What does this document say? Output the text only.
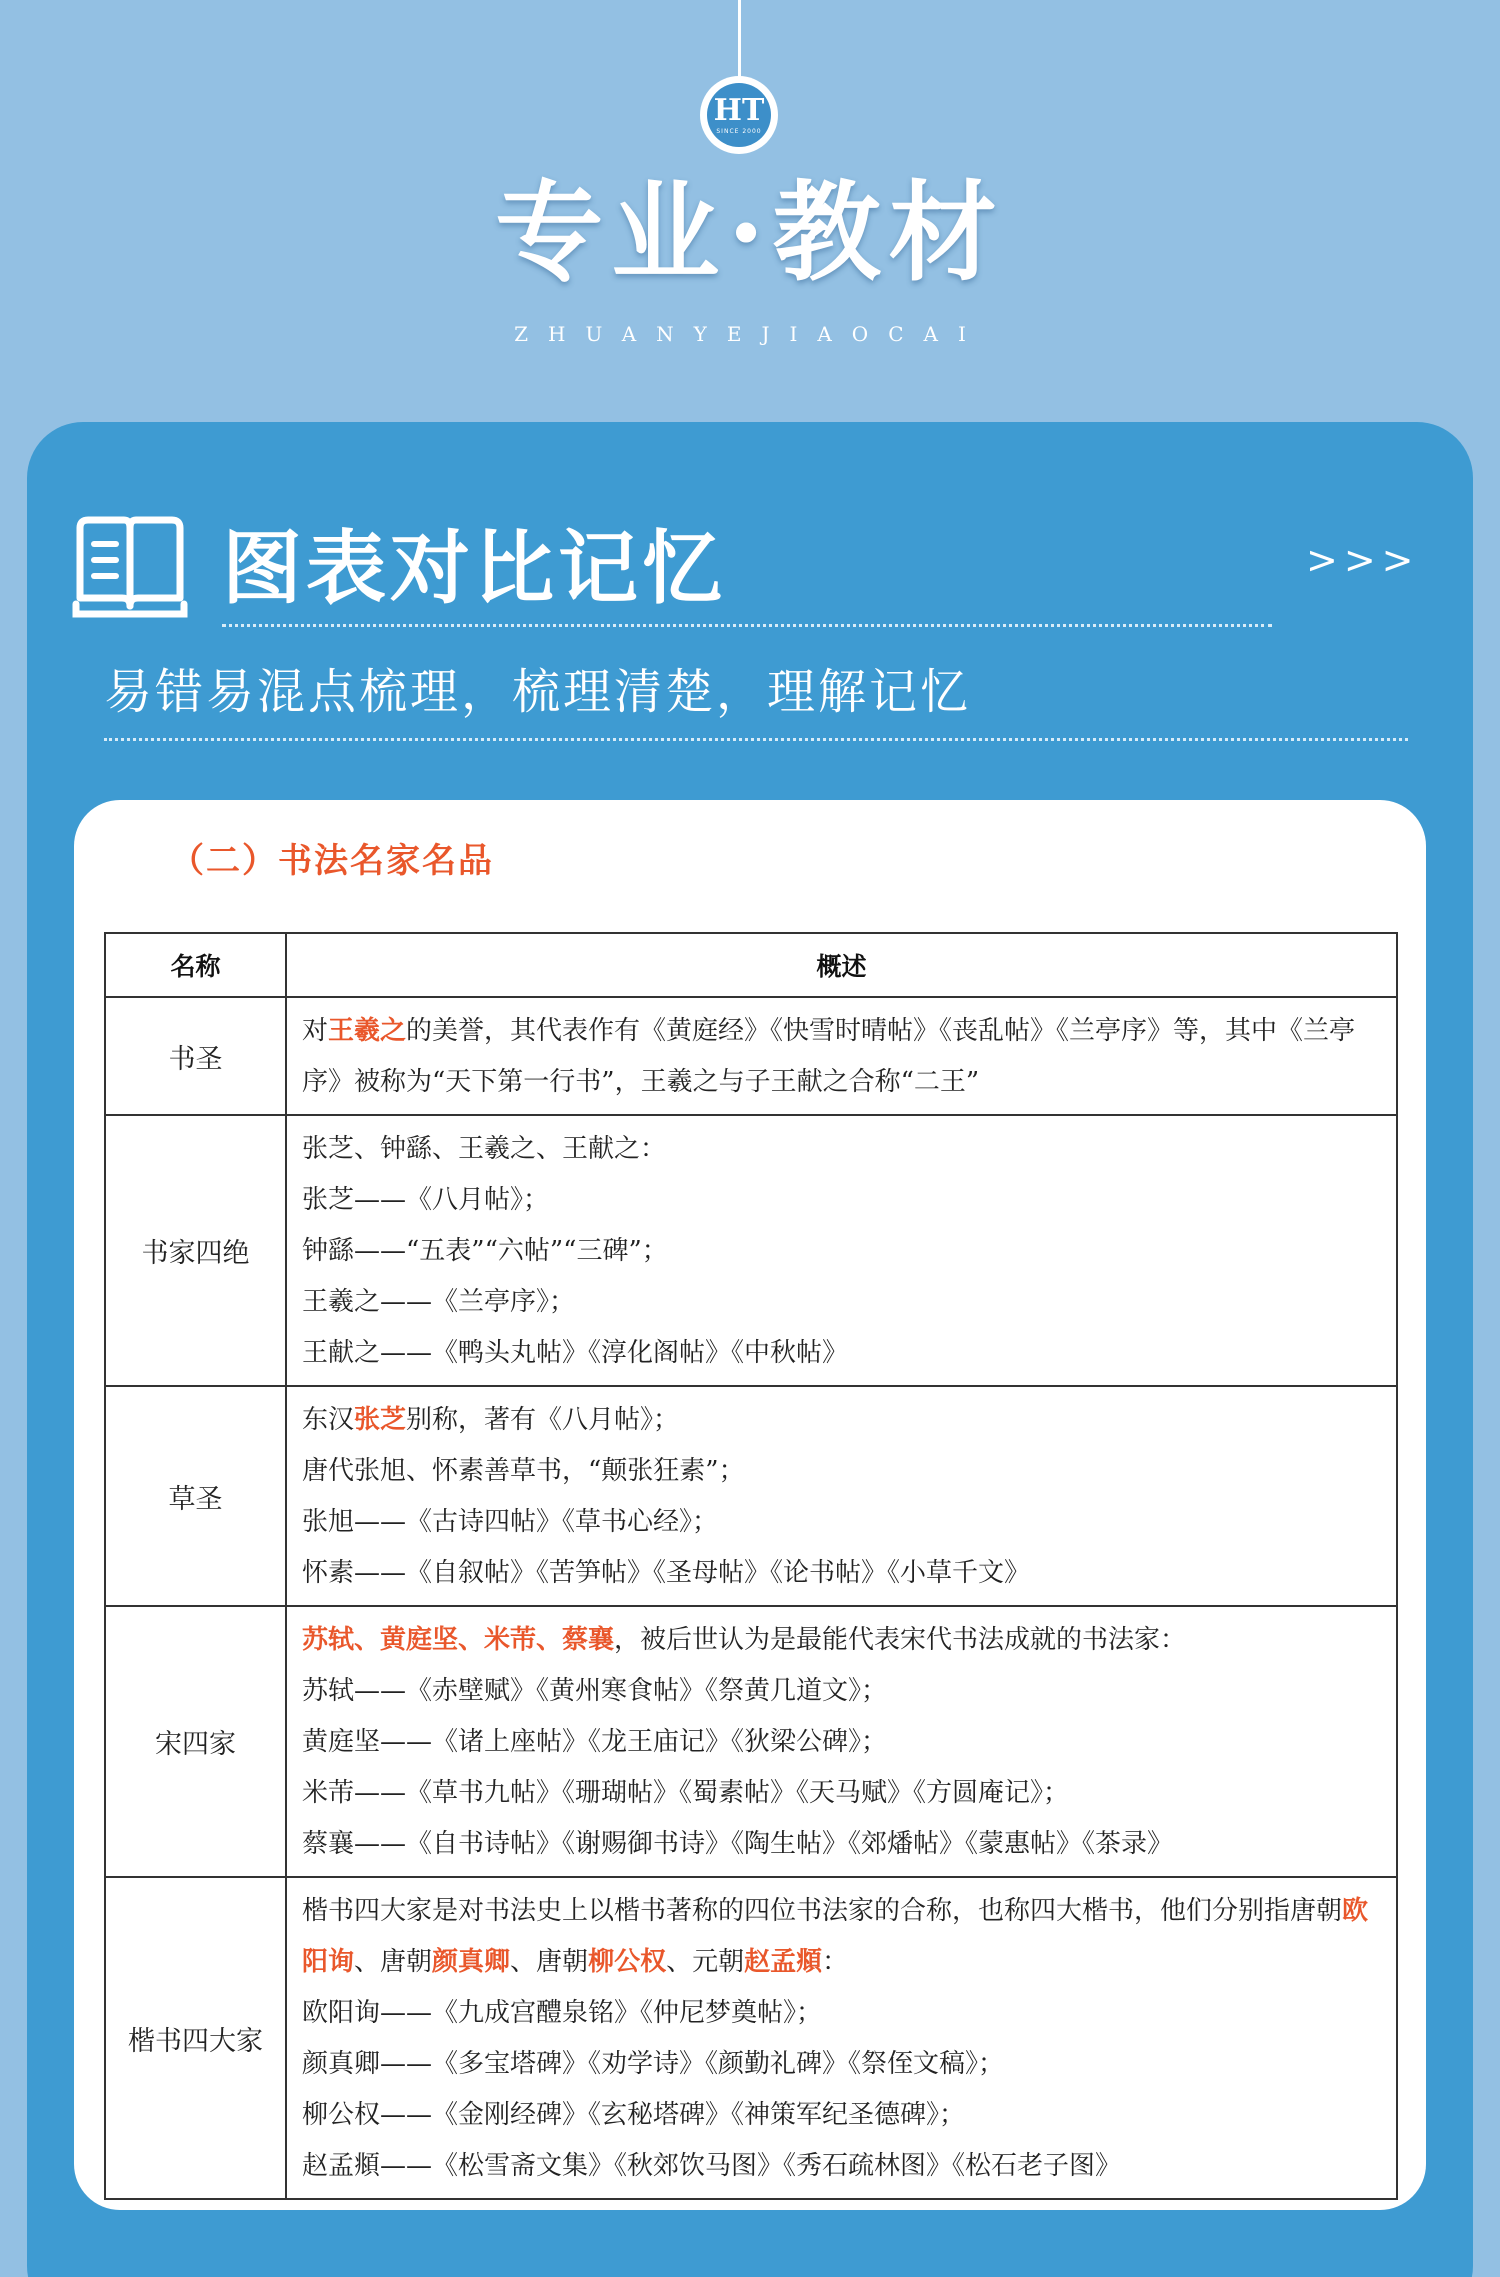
HT
SINCE 2000
专业·教材
ZHUANYEJIAOCAI
图表对比记忆	>>>
易错易混点梳理，梳理清楚，理解记忆
（二）书法名家名品
名称	概述
书圣	对王羲之的美誉，其代表作有《黄庭经》《快雪时晴帖》《丧乱帖》《兰亭序》等，其中《兰亭序》被称为“天下第一行书”，王羲之与子王献之合称“二王”

书家四绝	张芝、钟繇、王羲之、王献之：
张芝——《八月帖》；
钟繇——“五表”“六帖”“三碑”；
王羲之——《兰亭序》；
王献之——《鸭头丸帖》《淳化阁帖》《中秋帖》

草圣	东汉张芝别称，著有《八月帖》；
唐代张旭、怀素善草书，“颠张狂素”；
张旭——《古诗四帖》《草书心经》；
怀素——《自叙帖》《苦笋帖》《圣母帖》《论书帖》《小草千文》

宋四家	苏轼、黄庭坚、米芾、蔡襄，被后世认为是最能代表宋代书法成就的书法家：
苏轼——《赤壁赋》《黄州寒食帖》《祭黄几道文》；
黄庭坚——《诸上座帖》《龙王庙记》《狄梁公碑》；
米芾——《草书九帖》《珊瑚帖》《蜀素帖》《天马赋》《方圆庵记》；
蔡襄——《自书诗帖》《谢赐御书诗》《陶生帖》《郊燔帖》《蒙惠帖》《茶录》

楷书四大家	楷书四大家是对书法史上以楷书著称的四位书法家的合称，也称四大楷书，他们分别指唐朝欧阳询、唐朝颜真卿、唐朝柳公权、元朝赵孟頫：
欧阳询——《九成宫醴泉铭》《仲尼梦奠帖》；
颜真卿——《多宝塔碑》《劝学诗》《颜勤礼碑》《祭侄文稿》；
柳公权——《金刚经碑》《玄秘塔碑》《神策军纪圣德碑》；
赵孟頫——《松雪斋文集》《秋郊饮马图》《秀石疏林图》《松石老子图》
